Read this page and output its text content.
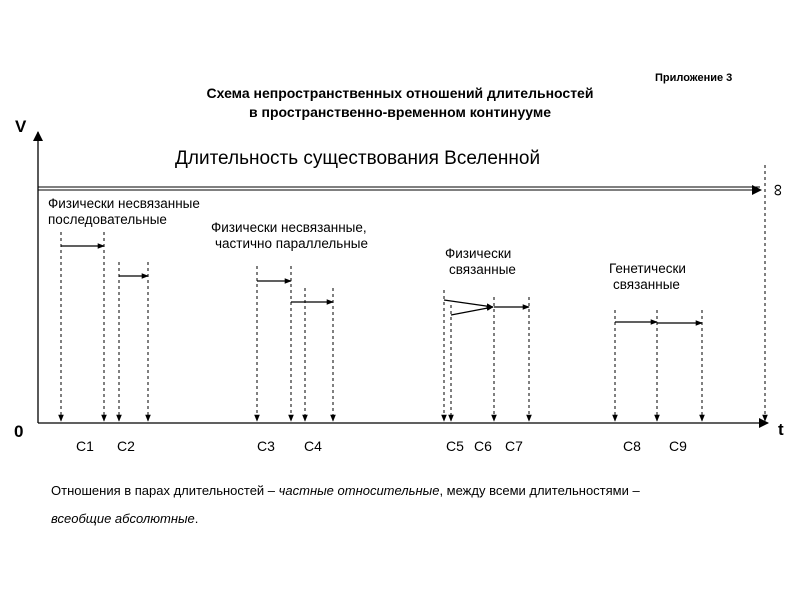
Приложение 3
Схема непространственных отношений длительностей
в пространственно-временном континууме
V
t
0
∞
Длительность существования Вселенной
Физически несвязанные
последовательные
Физически несвязанные,
частично параллельные
Физически
связанные	Генетически
связанные
C1 C2	C3 C4	C5 C6 C7	C8 C9
Отношения в парах длительностей – частные относительные, между всеми длительностями –
всеобщие абсолютные.
